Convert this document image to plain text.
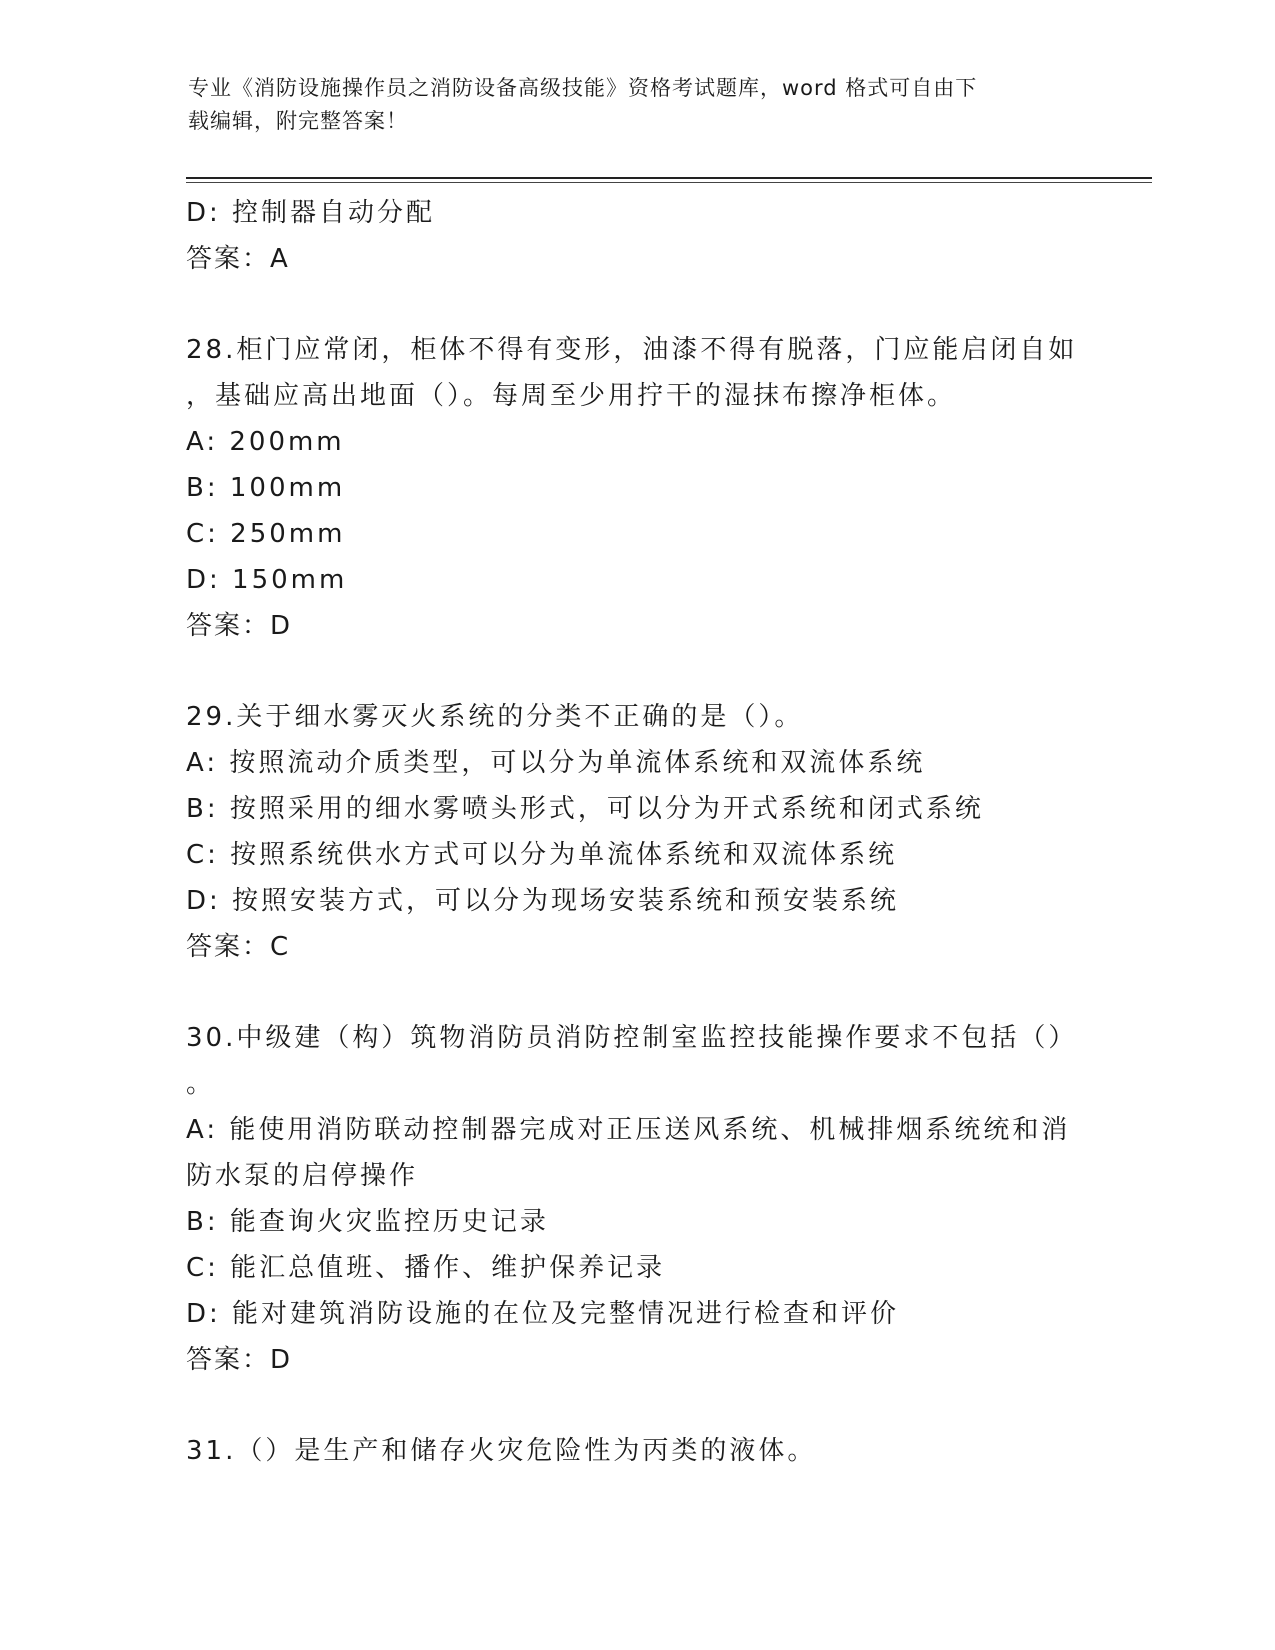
专业《消防设施操作员之消防设备高级技能》资格考试题库，word 格式可自由下
载编辑，附完整答案！
D: 控制器自动分配
答案：A
28.柜门应常闭，柜体不得有变形，油漆不得有脱落，门应能启闭自如
，基础应高出地面（）。每周至少用拧干的湿抹布擦净柜体。
A: 200mm
B: 100mm
C: 250mm
D: 150mm
答案：D
29.关于细水雾灭火系统的分类不正确的是（）。
A: 按照流动介质类型，可以分为单流体系统和双流体系统
B: 按照采用的细水雾喷头形式，可以分为开式系统和闭式系统
C: 按照系统供水方式可以分为单流体系统和双流体系统
D: 按照安装方式，可以分为现场安装系统和预安装系统
答案：C
30.中级建（构）筑物消防员消防控制室监控技能操作要求不包括（）
。
A: 能使用消防联动控制器完成对正压送风系统、机械排烟系统统和消
防水泵的启停操作
B: 能查询火灾监控历史记录
C: 能汇总值班、播作、维护保养记录
D: 能对建筑消防设施的在位及完整情况进行检查和评价
答案：D
31.（）是生产和储存火灾危险性为丙类的液体。
